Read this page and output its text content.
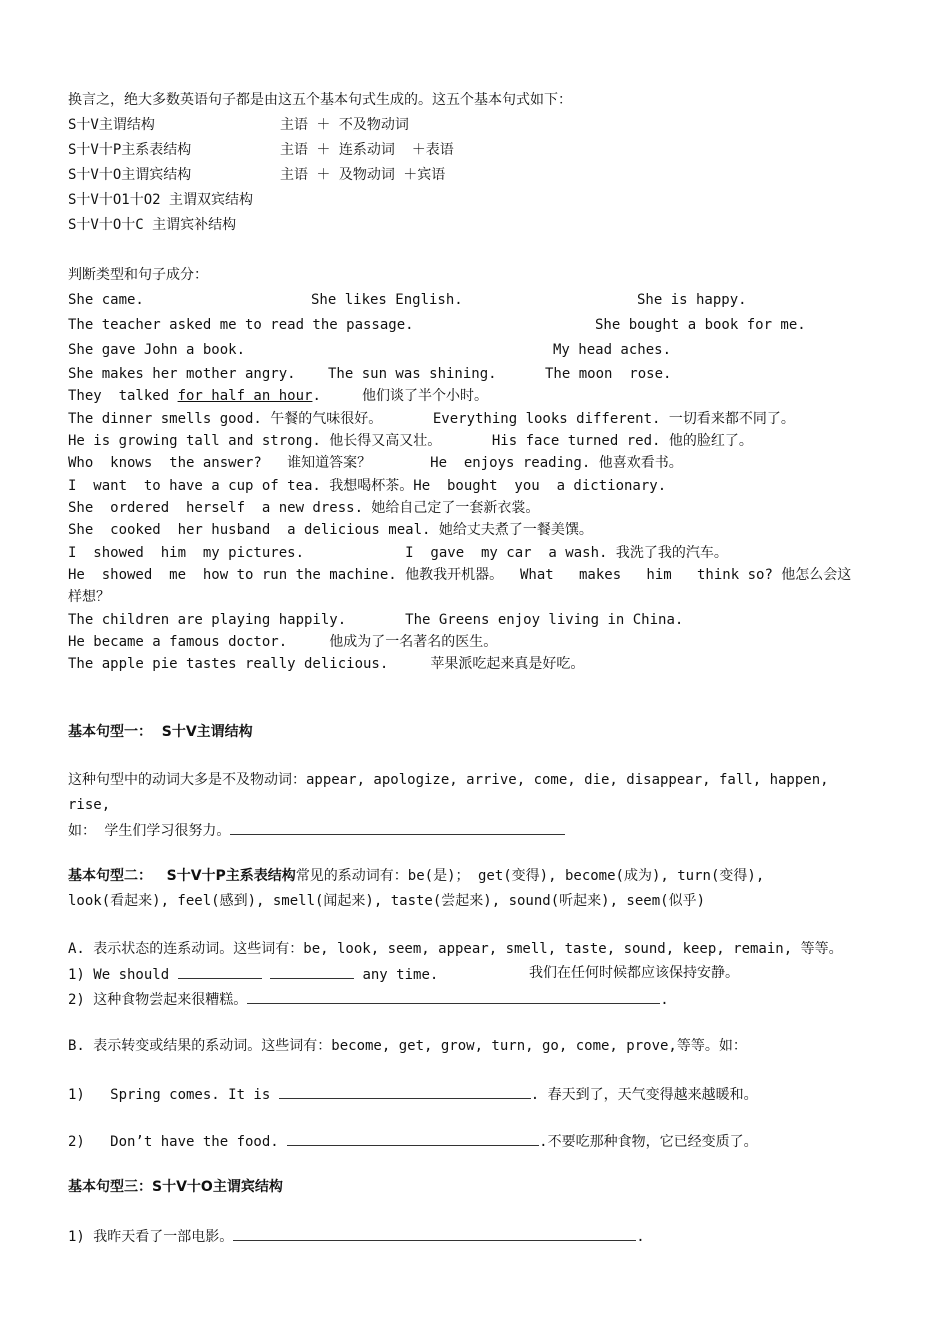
换言之，绝大多数英语句子都是由这五个基本句式生成的。这五个基本句式如下：
S十V主谓结构	主语 ＋ 不及物动词
S十V十P主系表结构	主语 ＋ 连系动词  ＋表语
S十V十O主谓宾结构	主语 ＋ 及物动词 ＋宾语
S十V十O1十O2 主谓双宾结构
S十V十O十C 主谓宾补结构
判断类型和句子成分：
She came.	She likes English.	She is happy.
The teacher asked me to read the passage.	She bought a book for me.
She gave John a book.	My head aches.
She makes her mother angry. The sun was shining.	The moon  rose.
They  talked for half an hour.	他们谈了半个小时。
The dinner smells good. 午餐的气味很好。      Everything looks different. 一切看来都不同了。
He is growing tall and strong. 他长得又高又壮。      His face turned red. 他的脸红了。
Who  knows  the answer?   谁知道答案？       He  enjoys reading. 他喜欢看书。
I  want  to have a cup of tea. 我想喝杯茶。He  bought  you  a dictionary.
She  ordered  herself  a new dress. 她给自己定了一套新衣裳。
She  cooked  her husband  a delicious meal. 她给丈夫煮了一餐美馔。
I  showed  him  my pictures.            I  gave  my car  a wash. 我洗了我的汽车。
He  showed  me  how to run the machine. 他教我开机器。  What   makes   him   think so? 他怎么会这
样想？
The children are playing happily.       The Greens enjoy living in China.
He became a famous doctor.     他成为了一名著名的医生。
The apple pie tastes really delicious.     苹果派吃起来真是好吃。
基本句型一：  S十V主谓结构
这种句型中的动词大多是不及物动词：appear, apologize, arrive, come, die, disappear, fall, happen,
rise,
如： 学生们学习很努力。
基本句型二：   S十V十P主系表结构常见的系动词有：be(是)； get(变得), become(成为), turn(变得),
look(看起来), feel(感到), smell(闻起来), taste(尝起来), sound(听起来), seem(似乎)
A. 表示状态的连系动词。这些词有：be, look, seem, appear, smell, taste, sound, keep, remain, 等等。
1) We should	any time.	我们在任何时候都应该保持安静。
2) 这种食物尝起来很糟糕。	.
B. 表示转变或结果的系动词。这些词有：become, get, grow, turn, go, come, prove,等等。如：
1)   Spring comes. It is	. 春天到了，天气变得越来越暖和。
2)   Don’t have the food.	.不要吃那种食物，它已经变质了。
基本句型三：S十V十O主谓宾结构
1) 我昨天看了一部电影。	.
